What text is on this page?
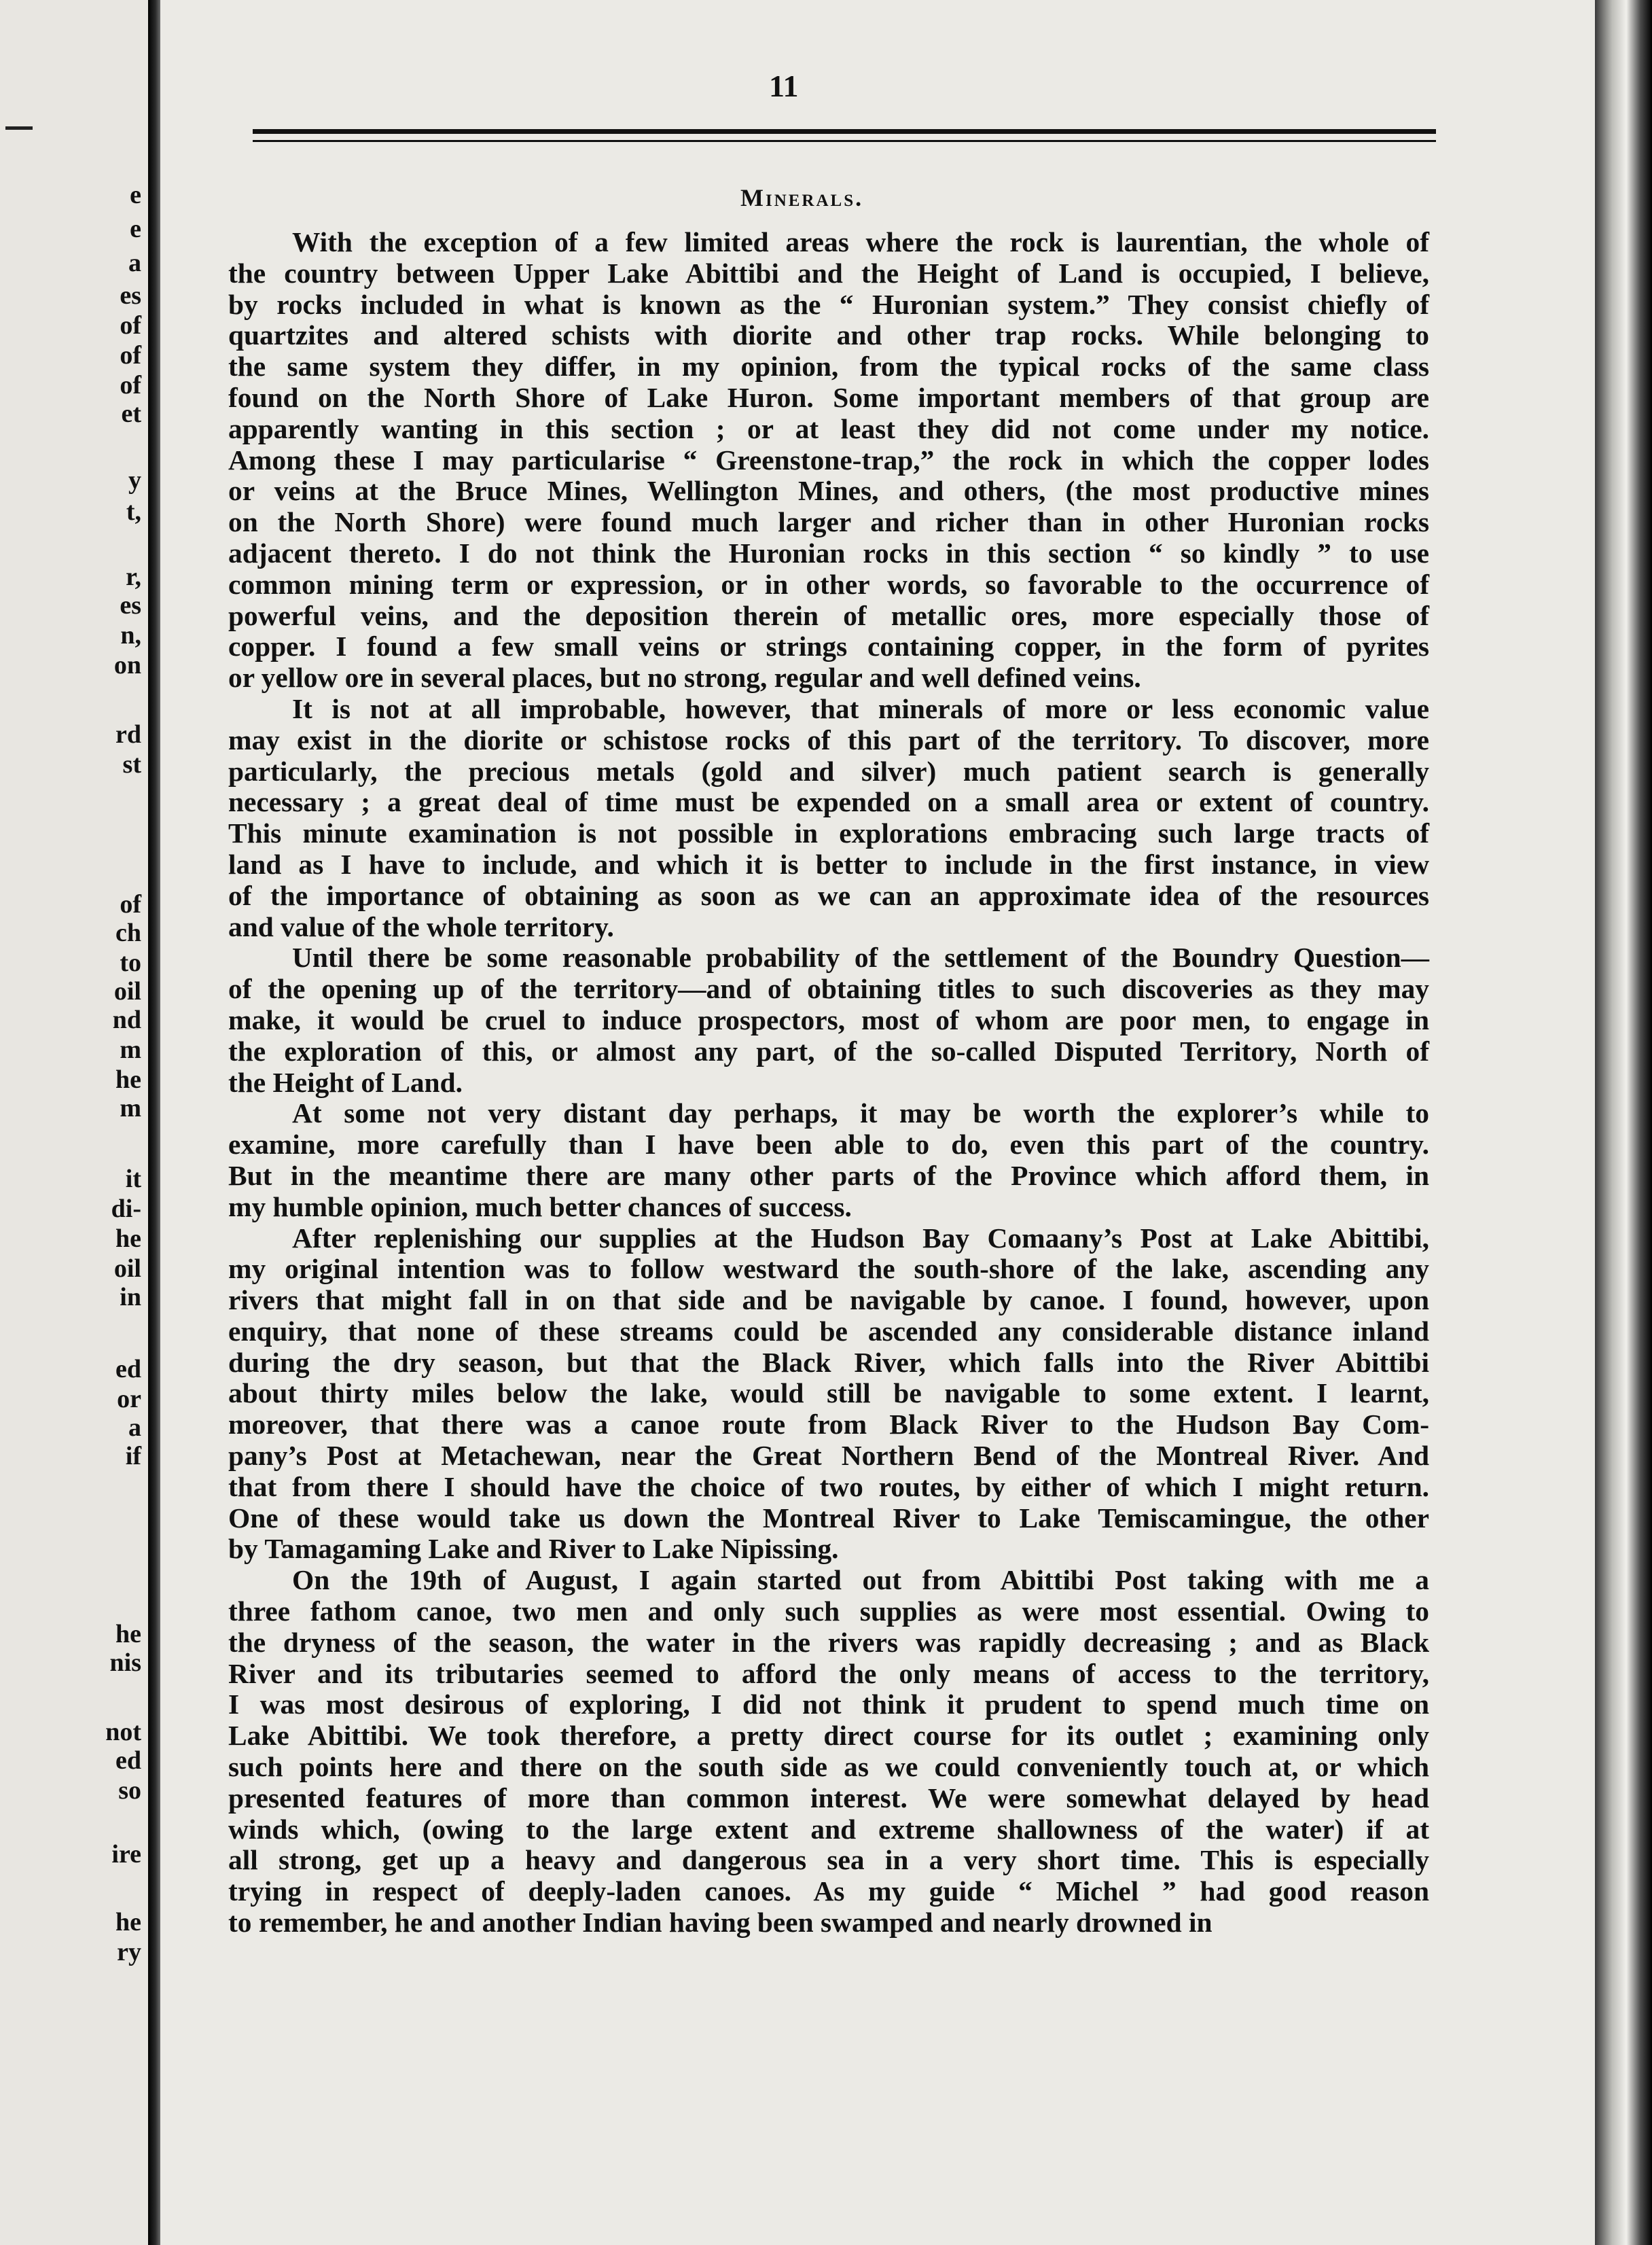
e
e
a
es
of
of
of
et
y
t,
r,
es
n,
on
rd
st
of
ch
to
oil
nd
m
he
m
it
di-
he
oil
in
ed
or
a
if
he
nis
not
ed
so
ire
he
ry
11
Minerals.
With the exception of a few limited areas where the rock is laurentian, the whole of
the country between Upper Lake Abittibi and the Height of Land is occupied, I believe,
by rocks included in what is known as the “ Huronian system.” They consist chiefly of
quartzites and altered schists with diorite and other trap rocks. While belonging to
the same system they differ, in my opinion, from the typical rocks of the same class
found on the North Shore of Lake Huron. Some important members of that group are
apparently wanting in this section ; or at least they did not come under my notice.
Among these I may particularise “ Greenstone-trap,” the rock in which the copper lodes
or veins at the Bruce Mines, Wellington Mines, and others, (the most productive mines
on the North Shore) were found much larger and richer than in other Huronian rocks
adjacent thereto. I do not think the Huronian rocks in this section “ so kindly ” to use
common mining term or expression, or in other words, so favorable to the occurrence of
powerful veins, and the deposition therein of metallic ores, more especially those of
copper. I found a few small veins or strings containing copper, in the form of pyrites
or yellow ore in several places, but no strong, regular and well defined veins.
It is not at all improbable, however, that minerals of more or less economic value
may exist in the diorite or schistose rocks of this part of the territory. To discover, more
particularly, the precious metals (gold and silver) much patient search is generally
necessary ; a great deal of time must be expended on a small area or extent of country.
This minute examination is not possible in explorations embracing such large tracts of
land as I have to include, and which it is better to include in the first instance, in view
of the importance of obtaining as soon as we can an approximate idea of the resources
and value of the whole territory.
Until there be some reasonable probability of the settlement of the Boundry Question—
of the opening up of the territory—and of obtaining titles to such discoveries as they may
make, it would be cruel to induce prospectors, most of whom are poor men, to engage in
the exploration of this, or almost any part, of the so-called Disputed Territory, North of
the Height of Land.
At some not very distant day perhaps, it may be worth the explorer’s while to
examine, more carefully than I have been able to do, even this part of the country.
But in the meantime there are many other parts of the Province which afford them, in
my humble opinion, much better chances of success.
After replenishing our supplies at the Hudson Bay Comaany’s Post at Lake Abittibi,
my original intention was to follow westward the south-shore of the lake, ascending any
rivers that might fall in on that side and be navigable by canoe. I found, however, upon
enquiry, that none of these streams could be ascended any considerable distance inland
during the dry season, but that the Black River, which falls into the River Abittibi
about thirty miles below the lake, would still be navigable to some extent. I learnt,
moreover, that there was a canoe route from Black River to the Hudson Bay Com-
pany’s Post at Metachewan, near the Great Northern Bend of the Montreal River. And
that from there I should have the choice of two routes, by either of which I might return.
One of these would take us down the Montreal River to Lake Temiscamingue, the other
by Tamagaming Lake and River to Lake Nipissing.
On the 19th of August, I again started out from Abittibi Post taking with me a
three fathom canoe, two men and only such supplies as were most essential. Owing to
the dryness of the season, the water in the rivers was rapidly decreasing ; and as Black
River and its tributaries seemed to afford the only means of access to the territory,
I was most desirous of exploring, I did not think it prudent to spend much time on
Lake Abittibi. We took therefore, a pretty direct course for its outlet ; examining only
such points here and there on the south side as we could conveniently touch at, or which
presented features of more than common interest. We were somewhat delayed by head
winds which, (owing to the large extent and extreme shallowness of the water) if at
all strong, get up a heavy and dangerous sea in a very short time. This is especially
trying in respect of deeply-laden canoes. As my guide “ Michel ” had good reason
to remember, he and another Indian having been swamped and nearly drowned in
